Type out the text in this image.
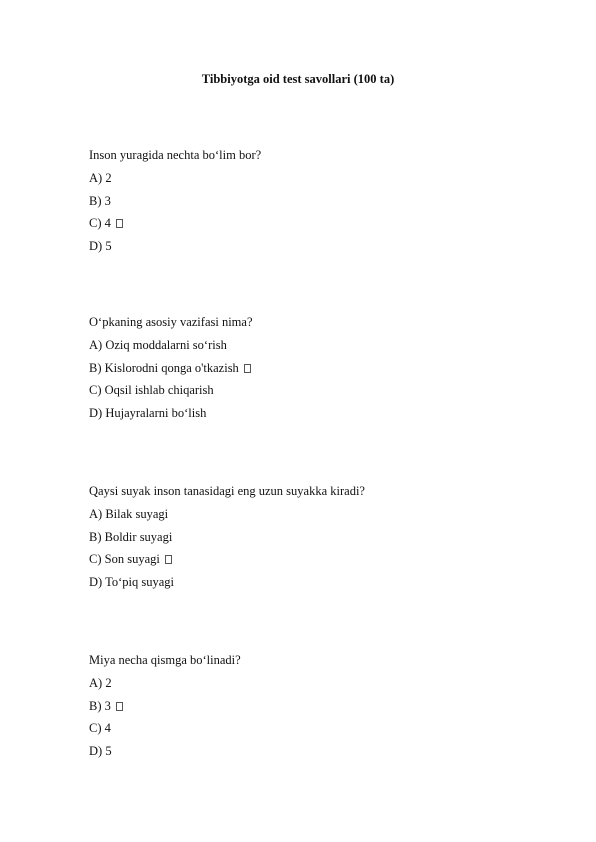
Tibbiyotga oid test savollari (100 ta)
Inson yuragida nechta bo‘lim bor?
A) 2
B) 3
C) 4
D) 5
O‘pkaning asosiy vazifasi nima?
A) Oziq moddalarni so‘rish
B) Kislorodni qonga o'tkazish
C) Oqsil ishlab chiqarish
D) Hujayralarni bo‘lish
Qaysi suyak inson tanasidagi eng uzun suyakka kiradi?
A) Bilak suyagi
B) Boldir suyagi
C) Son suyagi
D) To‘piq suyagi
Miya necha qismga bo‘linadi?
A) 2
B) 3
C) 4
D) 5
